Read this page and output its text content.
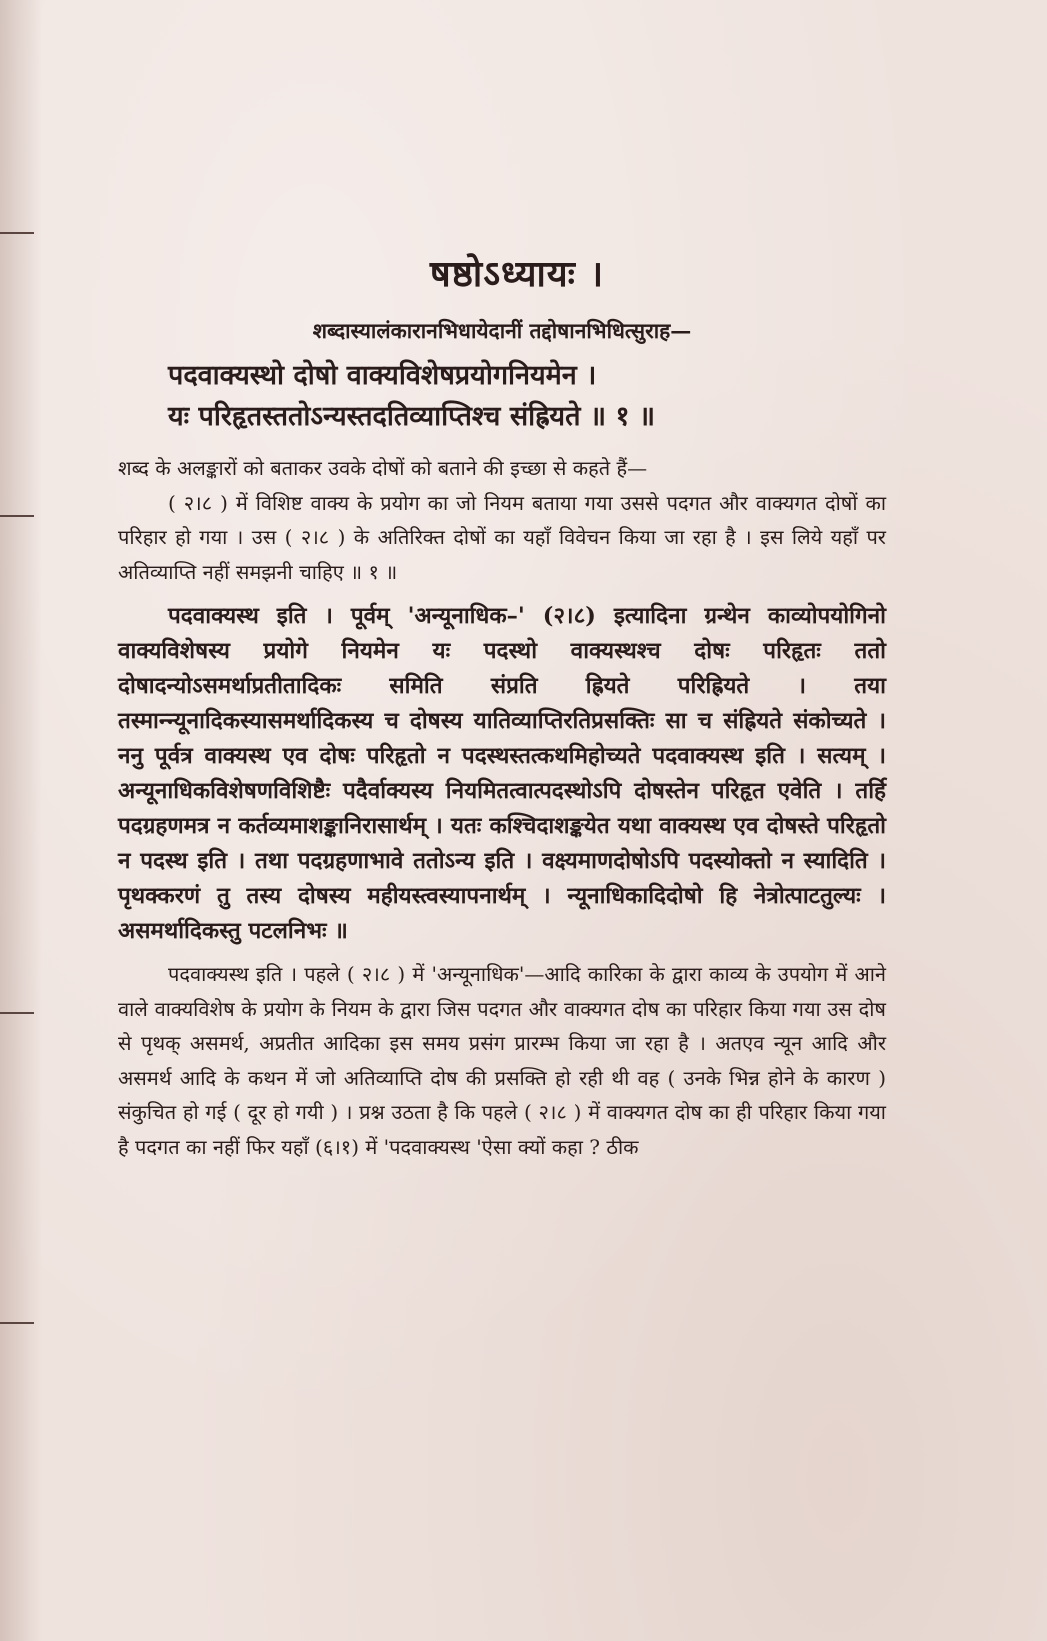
षष्ठोऽध्यायः ।
शब्दास्यालंकारानभिधायेदानीं तद्दोषानभिधित्सुराह—
पदवाक्यस्थो दोषो वाक्यविशेषप्रयोगनियमेन ।
यः परिहृतस्ततोऽन्यस्तदतिव्याप्तिश्च संह्रियते ॥ १ ॥

शब्द के अलङ्कारों को बताकर उवके दोषों को बताने की इच्छा से कहते हैं—

( २।८ ) में विशिष्ट वाक्य के प्रयोग का जो नियम बताया गया उससे पदगत और वाक्यगत दोषों का परिहार हो गया । उस ( २।८ ) के अतिरिक्त दोषों का यहाँ विवेचन किया जा रहा है । इस लिये यहाँ पर अतिव्याप्ति नहीं समझनी चाहिए ॥ १ ॥

पदवाक्यस्थ इति । पूर्वम् 'अन्यूनाधिक–' (२।८) इत्यादिना ग्रन्थेन काव्योपयोगिनो वाक्यविशेषस्य प्रयोगे नियमेन यः पदस्थो वाक्यस्थश्च दोषः परिहृतः ततो दोषादन्योऽसमर्थाप्रतीतादिकः समिति संप्रति ह्रियते परिह्रियते । तया तस्मान्न्यूनादिकस्यासमर्थादिकस्य च दोषस्य यातिव्याप्तिरतिप्रसक्तिः सा च संह्रियते संकोच्यते । ननु पूर्वत्र वाक्यस्थ एव दोषः परिहृतो न पदस्थस्तत्कथमिहोच्यते पदवाक्यस्थ इति । सत्यम् । अन्यूनाधिकविशेषणविशिष्टैः पदैर्वाक्यस्य नियमितत्वात्पदस्थोऽपि दोषस्तेन परिहृत एवेति । तर्हि पदग्रहणमत्र न कर्तव्यमाशङ्कानिरासार्थम् । यतः कश्चिदाशङ्कयेत यथा वाक्यस्थ एव दोषस्ते परिहृतो न पदस्थ इति । तथा पदग्रहणाभावे ततोऽन्य इति । वक्ष्यमाणदोषोऽपि पदस्योक्तो न स्यादिति । पृथक्करणं तु तस्य दोषस्य महीयस्त्वस्यापनार्थम् । न्यूनाधिकादिदोषो हि नेत्रोत्पाटतुल्यः । असमर्थादिकस्तु पटलनिभः ॥

पदवाक्यस्थ इति । पहले ( २।८ ) में 'अन्यूनाधिक'—आदि कारिका के द्वारा काव्य के उपयोग में आने वाले वाक्यविशेष के प्रयोग के नियम के द्वारा जिस पदगत और वाक्यगत दोष का परिहार किया गया उस दोष से पृथक् असमर्थ, अप्रतीत आदिका इस समय प्रसंग प्रारम्भ किया जा रहा है । अतएव न्यून आदि और असमर्थ आदि के कथन में जो अतिव्याप्ति दोष की प्रसक्ति हो रही थी वह ( उनके भिन्न होने के कारण ) संकुचित हो गई ( दूर हो गयी ) । प्रश्न उठता है कि पहले ( २।८ ) में वाक्यगत दोष का ही परिहार किया गया है पदगत का नहीं फिर यहाँ (६।१) में 'पदवाक्यस्थ 'ऐसा क्यों कहा ? ठीक
